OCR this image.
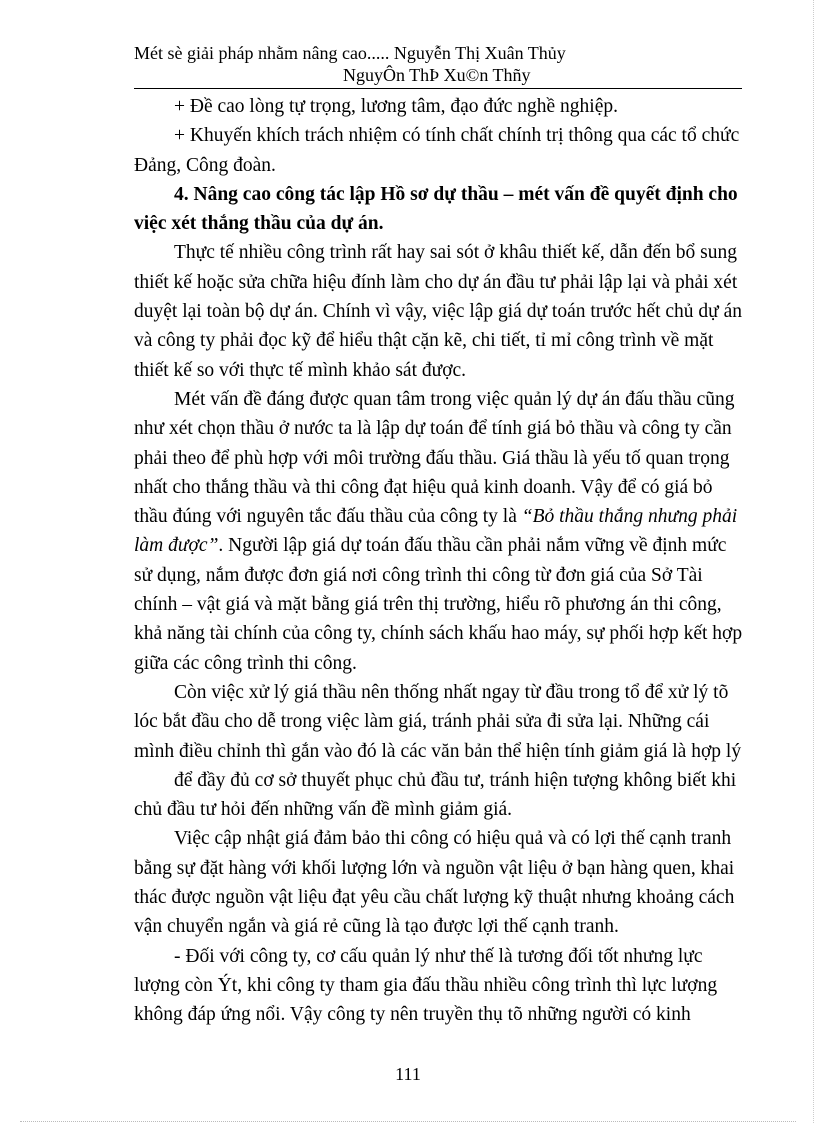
Mét sè giải pháp nhằm nâng cao..... Nguyễn Thị Xuân Thủy
NguyÔn ThÞ Xu©n Thñy

+ Đề cao lòng tự trọng, lương tâm, đạo đức nghề nghiệp.

+ Khuyến khích trách nhiệm có tính chất chính trị thông qua các tổ chức
Đảng, Công đoàn.

4. Nâng cao công tác lập Hồ sơ dự thầu – mét vấn đề quyết định cho
việc xét thắng thầu của dự án.

Thực tế nhiều công trình rất hay sai sót ở khâu thiết kế, dẫn đến bổ sung
thiết kế hoặc sửa chữa hiệu đính làm cho dự án đầu tư phải lập lại và phải xét
duyệt lại toàn bộ dự án. Chính vì vậy, việc lập giá dự toán trước hết chủ dự án
và công ty phải đọc kỹ để hiểu thật cặn kẽ, chi tiết, tỉ mỉ công trình về mặt
thiết kế so với thực tế mình khảo sát được.

Mét vấn đề đáng được quan tâm trong việc quản lý dự án đấu thầu cũng
như xét chọn thầu ở nước ta là lập dự toán để tính giá bỏ thầu và công ty cần
phải theo để phù hợp với môi trường đấu thầu. Giá thầu là yếu tố quan trọng
nhất cho thắng thầu và thi công đạt hiệu quả kinh doanh. Vậy để có giá bỏ
thầu đúng với nguyên tắc đấu thầu của công ty là “Bỏ thầu thắng nhưng phải
làm được”. Người lập giá dự toán đấu thầu cần phải nắm vững về định mức
sử dụng, nắm được đơn giá nơi công trình thi công từ đơn giá của Sở Tài
chính – vật giá và mặt bằng giá trên thị trường, hiểu rõ phương án thi công,
khả năng tài chính của công ty, chính sách khấu hao máy, sự phối hợp kết hợp
giữa các công trình thi công.

Còn việc xử lý giá thầu nên thống nhất ngay từ đầu trong tổ để xử lý tõ
lóc bắt đầu cho dễ trong việc làm giá, tránh phải sửa đi sửa lại. Những cái
mình điều chỉnh thì gắn vào đó là các văn bản thể hiện tính giảm giá là hợp lý
để đầy đủ cơ sở thuyết phục chủ đầu tư, tránh hiện tượng không biết khi
chủ đầu tư hỏi đến những vấn đề mình giảm giá.

Việc cập nhật giá đảm bảo thi công có hiệu quả và có lợi thế cạnh tranh
bằng sự đặt hàng với khối lượng lớn và nguồn vật liệu ở bạn hàng quen, khai
thác được nguồn vật liệu đạt yêu cầu chất lượng kỹ thuật nhưng khoảng cách
vận chuyển ngắn và giá rẻ cũng là tạo được lợi thế cạnh tranh.

- Đối với công ty, cơ cấu quản lý như thế là tương đối tốt nhưng lực
lượng còn Ýt, khi công ty tham gia đấu thầu nhiều công trình thì lực lượng
không đáp ứng nổi. Vậy công ty nên truyền thụ tõ những người có kinh

111
